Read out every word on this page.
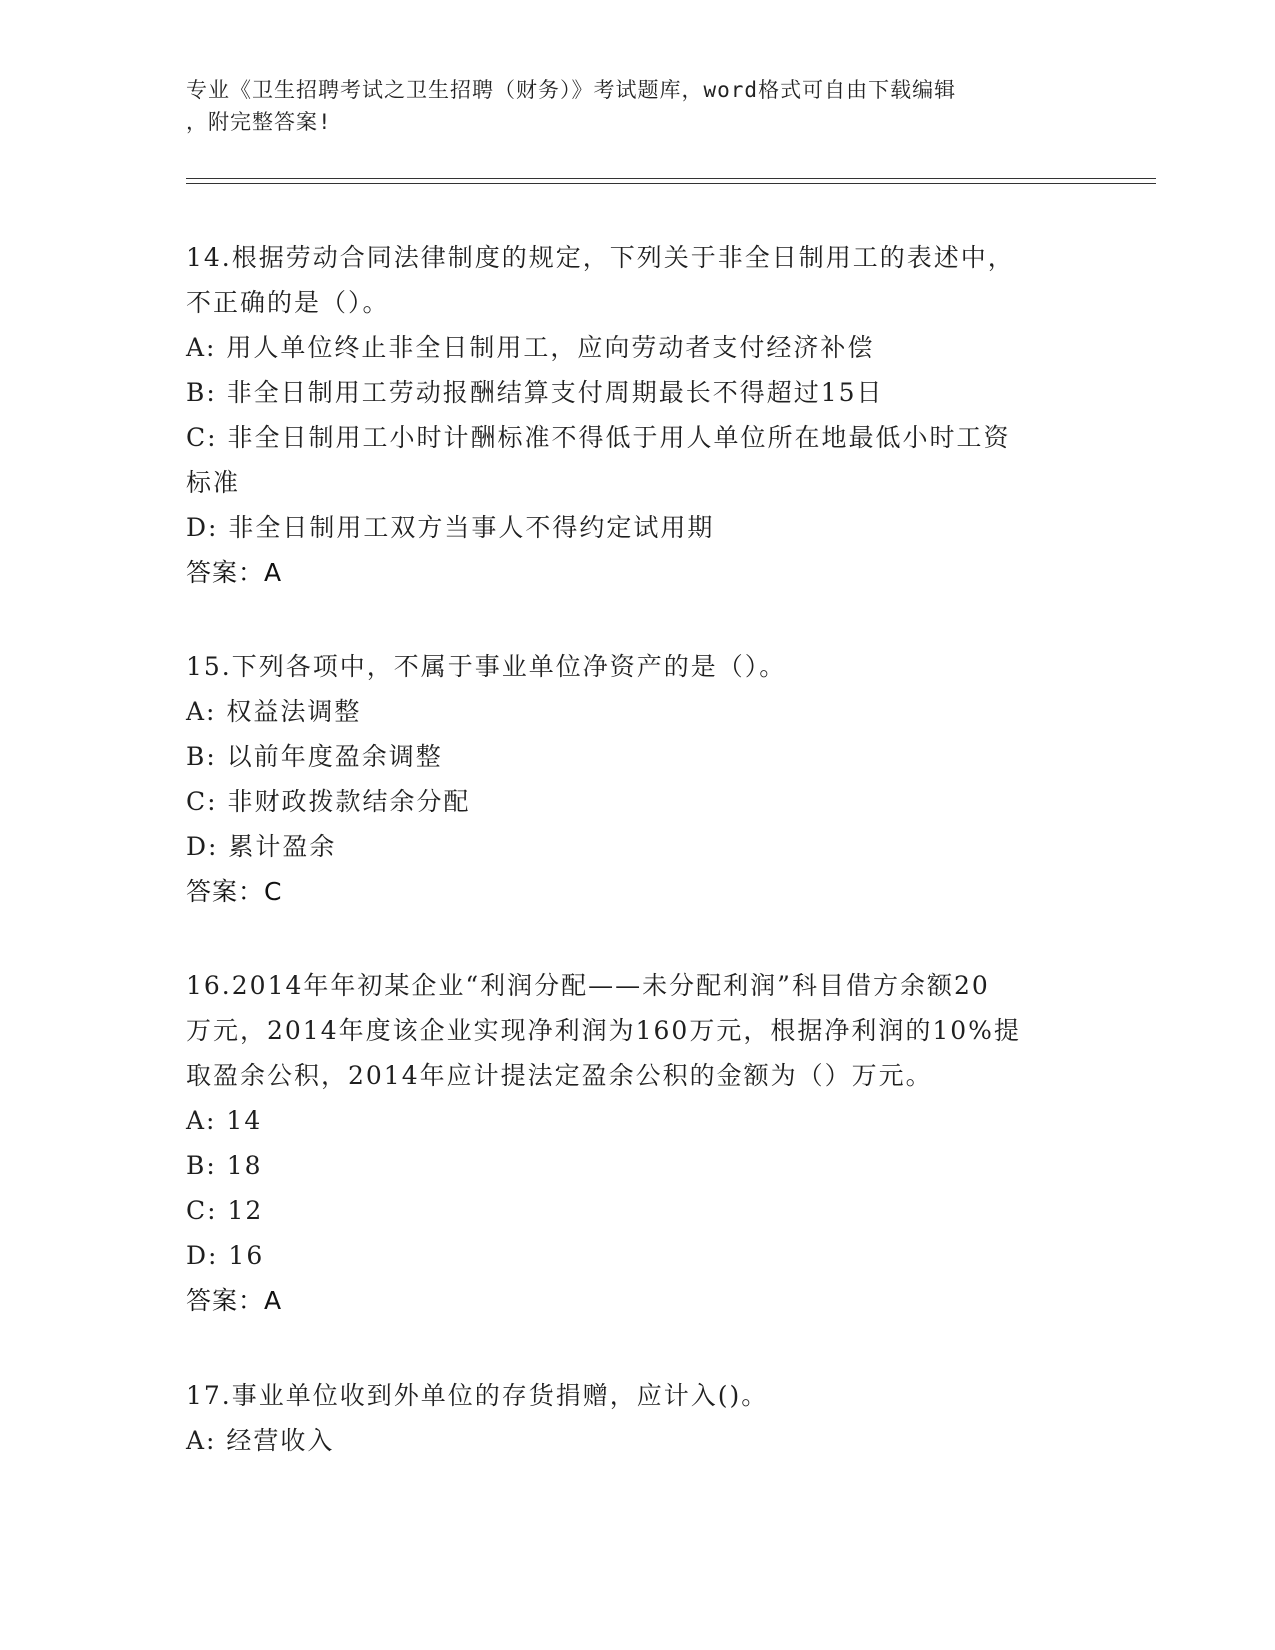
专业《卫生招聘考试之卫生招聘（财务）》考试题库，word格式可自由下载编辑
，附完整答案!
14.根据劳动合同法律制度的规定，下列关于非全日制用工的表述中，
不正确的是（）。
A: 用人单位终止非全日制用工，应向劳动者支付经济补偿
B: 非全日制用工劳动报酬结算支付周期最长不得超过15日
C: 非全日制用工小时计酬标准不得低于用人单位所在地最低小时工资
标准
D: 非全日制用工双方当事人不得约定试用期
答案：A
15.下列各项中，不属于事业单位净资产的是（）。
A: 权益法调整
B: 以前年度盈余调整
C: 非财政拨款结余分配
D: 累计盈余
答案：C
16.2014年年初某企业“利润分配——未分配利润”科目借方余额20
万元，2014年度该企业实现净利润为160万元，根据净利润的10%提
取盈余公积，2014年应计提法定盈余公积的金额为（）万元。
A: 14
B: 18
C: 12
D: 16
答案：A
17.事业单位收到外单位的存货捐赠，应计入()。
A: 经营收入
